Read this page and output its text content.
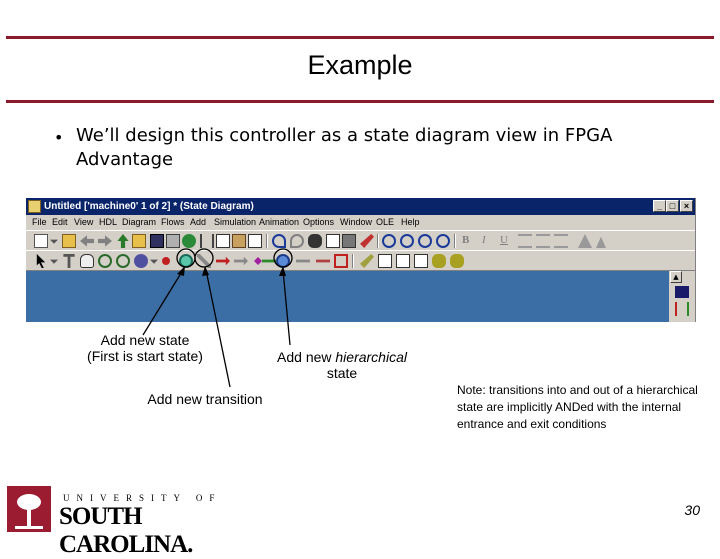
Example
• We’ll design this controller as a state diagram view in FPGA Advantage
Untitled ['machine0' 1 of 2] * (State Diagram)	_ □ ×
File Edit View HDL Diagram Flows Add Simulation Animation Options Window OLE Help
B I U
▲
Add new state
(First is start state)	Add new hierarchical
state
Add new transition
Note: transitions into and out of a hierarchical state are implicitly ANDed with the internal entrance and exit conditions
UNIVERSITY OF
SOUTH CAROLINA.
30
